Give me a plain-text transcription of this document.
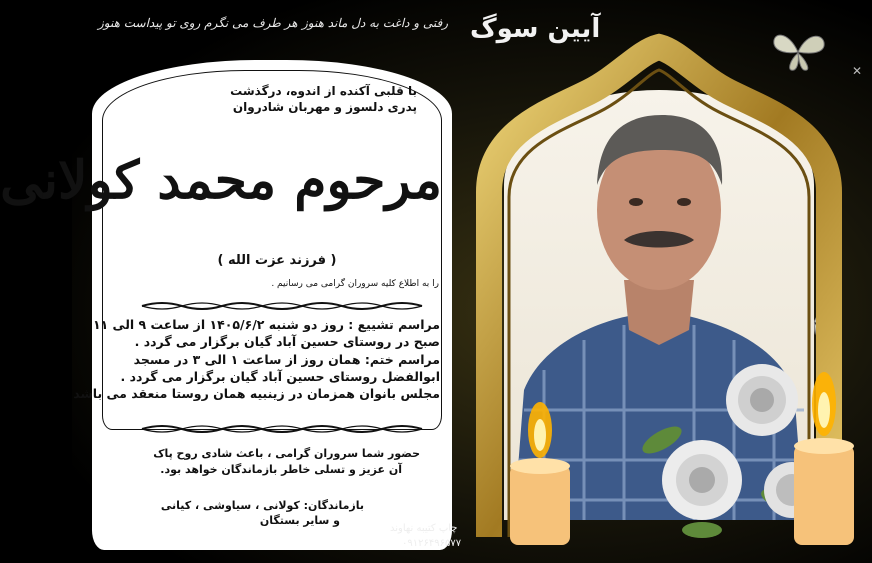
رفتی و داغت به دل ماند هنوز
هر طرف می نگرم روی تو پیداست هنوز	آیین سوگ
✕
با قلبی آکنده از اندوه، درگذشت
پدری دلسوز و مهربان شادروان
مرحوم محمد کولانی
( فرزند عزت الله )
را به اطلاع کلیه سروران گرامی می رسانیم .
مراسم تشییع : روز دو شنبه ۱۴۰۵/۶/۲ از ساعت ۹ الی ۱۱
صبح در روستای حسین آباد گیان برگزار می گردد .
مراسم ختم: همان روز از ساعت ۱ الی ۳ در مسجد
ابوالفضل روستای حسین آباد گیان برگزار می گردد .
مجلس بانوان همزمان در زینبیه همان روستا منعقد می باشد
حضور شما سروران گرامی ، باعث شادی روح پاک
آن عزیز و تسلی خاطر بازماندگان خواهد بود.
بازماندگان: کولانی ، سیاوشی ، کیانی
و سایر بستگان
چاپ کتیبه نهاوند
۰۹۱۲۶۴۹۶۵۷۷
